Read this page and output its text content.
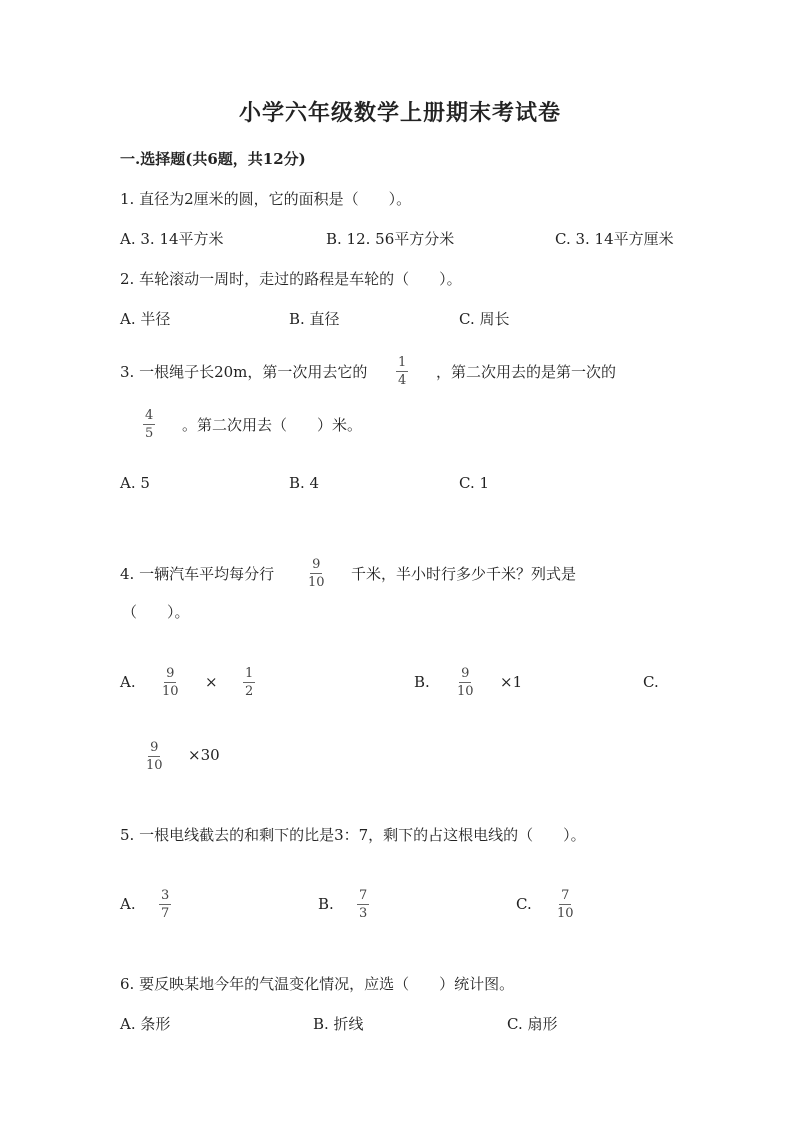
小学六年级数学上册期末考试卷
一.选择题(共6题，共12分)
1. 直径为2厘米的圆，它的面积是（　　）。
A. 3. 14平方米	B. 12. 56平方分米	C. 3. 14平方厘米
2. 车轮滚动一周时，走过的路程是车轮的（　　）。
A. 半径	B. 直径	C. 周长
3. 一根绳子长20m，第一次用去它的 $\frac{1}{4}$ ，第二次用去的是第一次的
$\frac{4}{5}$ 。第二次用去（　　）米。
A. 5	B. 4	C. 1
4. 一辆汽车平均每分行 $\frac{9}{10}$ 千米，半小时行多少千米？列式是
（　　）。
A. $\frac{9}{10} \times \frac{1}{2}$	B. $\frac{9}{10} \times 1$	C.
$\frac{9}{10} \times 30$
5. 一根电线截去的和剩下的比是3：7，剩下的占这根电线的（　　）。
A. $\frac{3}{7}$	B. $\frac{7}{3}$	C. $\frac{7}{10}$
6. 要反映某地今年的气温变化情况，应选（　　）统计图。
A. 条形	B. 折线	C. 扇形
